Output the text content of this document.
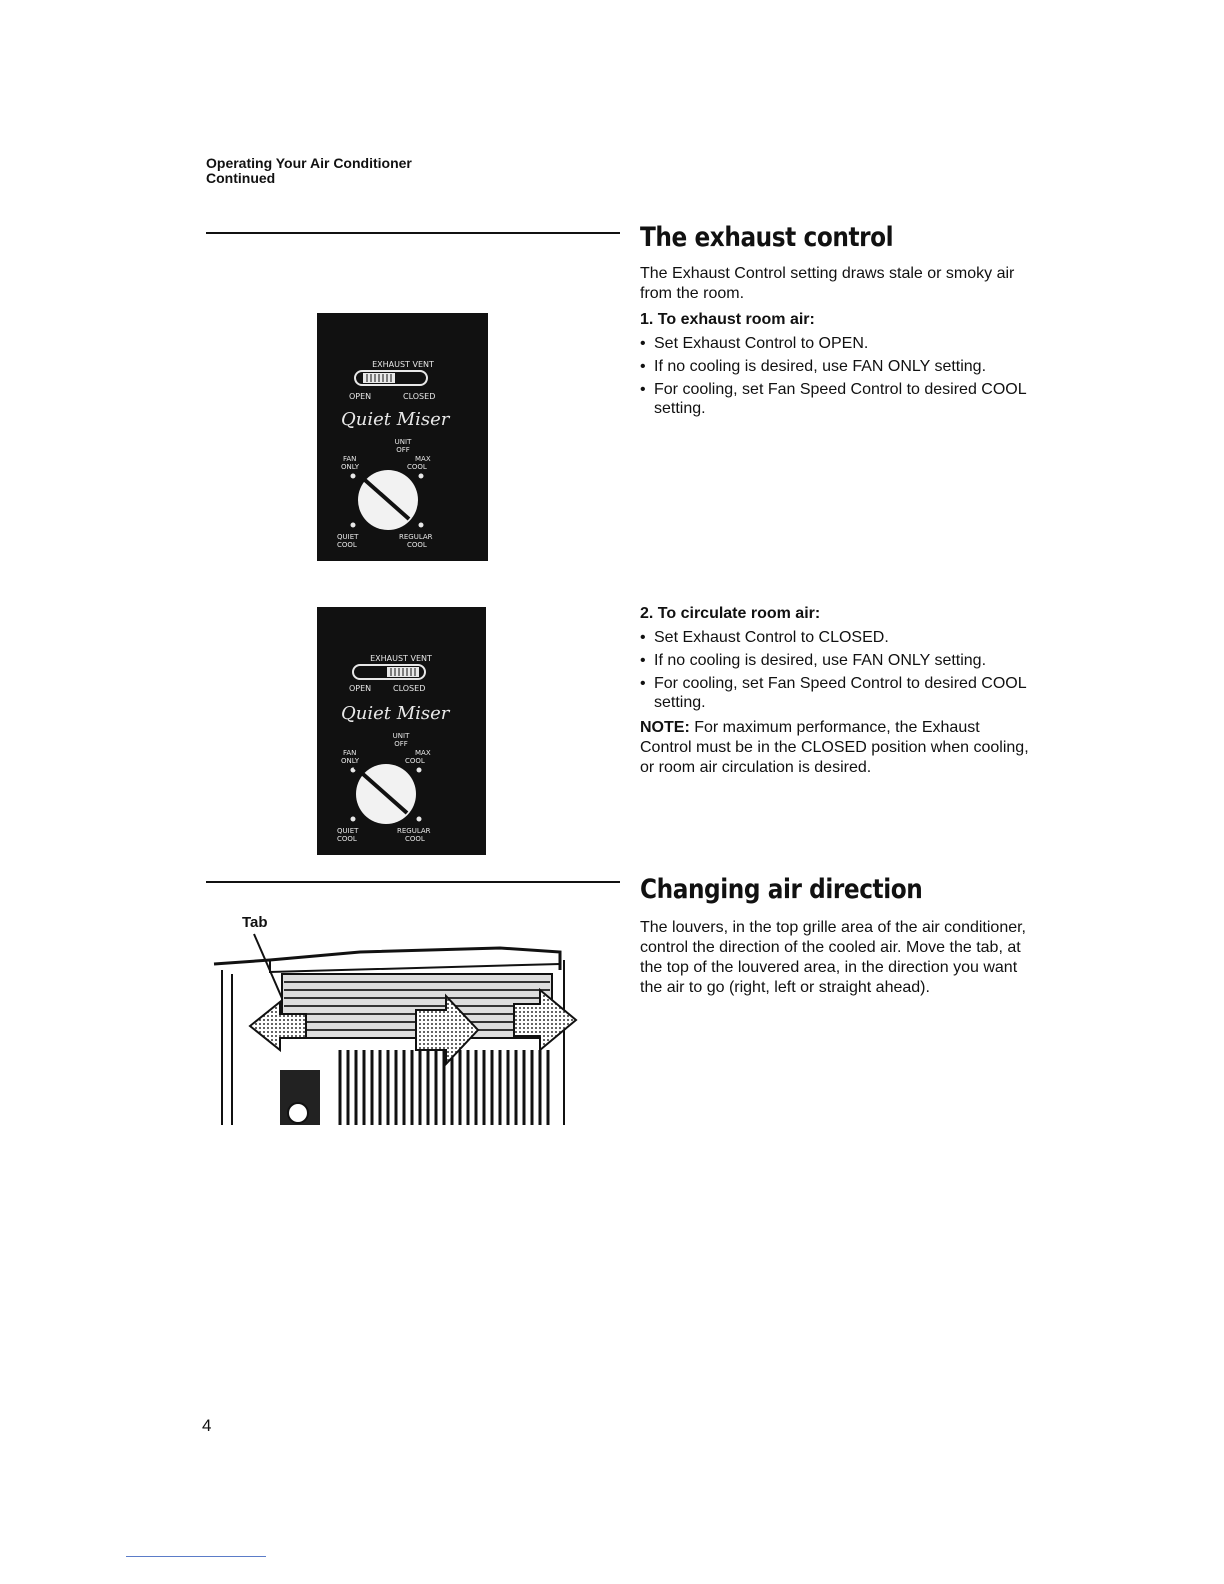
Operating Your Air Conditioner
Continued
The exhaust control
The Exhaust Control setting draws stale or smoky air from the room.
1. To exhaust room air:
• Set Exhaust Control to OPEN.
• If no cooling is desired, use FAN ONLY setting.
• For cooling, set Fan Speed Control to desired COOL setting.
2. To circulate room air:
• Set Exhaust Control to CLOSED.
• If no cooling is desired, use FAN ONLY setting.
• For cooling, set Fan Speed Control to desired COOL setting.
NOTE: For maximum performance, the Exhaust Control must be in the CLOSED position when cooling, or room air circulation is desired.
EXHAUST VENT
OPEN	CLOSED
Quiet Miser
UNIT
OFF
FAN
ONLY
MAX
COOL
QUIET
COOL
REGULAR
COOL
EXHAUST VENT
OPEN	CLOSED
Quiet Miser
UNIT
OFF
FAN
ONLY
MAX
COOL
QUIET
COOL
REGULAR
COOL
Changing air direction
The louvers, in the top grille area of the air conditioner, control the direction of the cooled air. Move the tab, at the top of the louvered area, in the direction you want the air to go (right, left or straight ahead).
Tab
4
